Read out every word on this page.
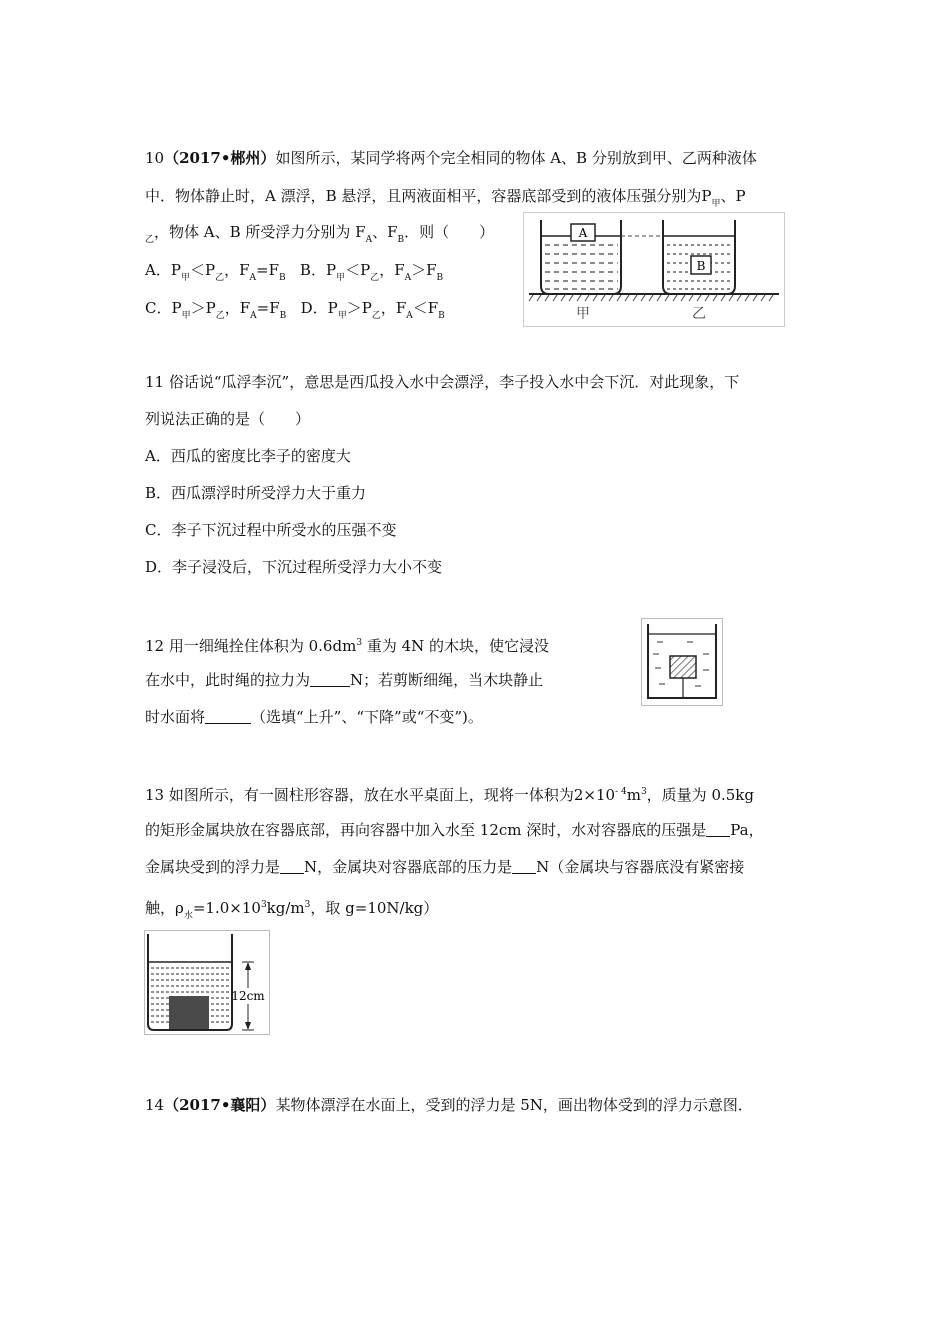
10（2017•郴州）如图所示，某同学将两个完全相同的物体 A、B 分别放到甲、乙两种液体
中．物体静止时，A 漂浮，B 悬浮，且两液面相平，容器底部受到的液体压强分别为$P_甲$、P
$_乙$，物体 A、B 所受浮力分别为 $F_A$、$F_B$．则（　　）
A．$P_甲<P_乙$，$F_A=F_B$ B．$P_甲<P_乙$，$F_A>F_B$
C．$P_甲>P_乙$，$F_A=F_B$ D．$P_甲>P_乙$，$F_A<F_B$
A
B
甲	乙
11 俗话说“瓜浮李沉”，意思是西瓜投入水中会漂浮，李子投入水中会下沉．对此现象，下
列说法正确的是（　　）
A．西瓜的密度比李子的密度大
B．西瓜漂浮时所受浮力大于重力
C．李子下沉过程中所受水的压强不变
D．李子浸没后，下沉过程所受浮力大小不变
12 用一细绳拴住体积为 $0.6dm^3$ 重为 4N 的木块，使它浸没
在水中，此时绳的拉力为	N；若剪断细绳，当木块静止
时水面将	（选填“上升”、“下降”或“不变”)。
13 如图所示，有一圆柱形容器，放在水平桌面上，现将一体积为$2\times 10^{- 4}m^3$，质量为 0.5kg
的矩形金属块放在容器底部，再向容器中加入水至 12cm 深时，水对容器底的压强是 Pa，
金属块受到的浮力是 N，金属块对容器底部的压力是 N（金属块与容器底没有紧密接
触，$\rho_水=1.0\times 10^3kg/m^3$，取 g=10N/kg）
12cm
14（2017•襄阳）某物体漂浮在水面上，受到的浮力是 5N，画出物体受到的浮力示意图．
